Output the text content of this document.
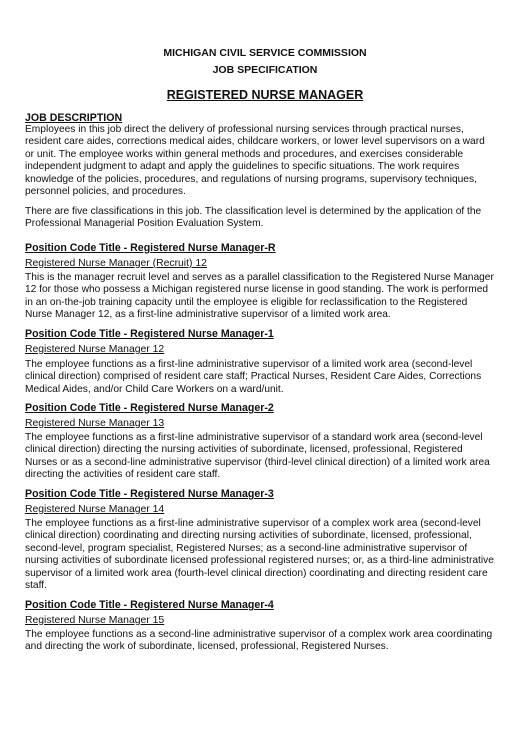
MICHIGAN CIVIL SERVICE COMMISSION
JOB SPECIFICATION
REGISTERED NURSE MANAGER
JOB DESCRIPTION
Employees in this job direct the delivery of professional nursing services through practical nurses,
resident care aides, corrections medical aides, childcare workers, or lower level supervisors on a ward
or unit. The employee works within general methods and procedures, and exercises considerable
independent judgment to adapt and apply the guidelines to specific situations. The work requires
knowledge of the policies, procedures, and regulations of nursing programs, supervisory techniques,
personnel policies, and procedures.
There are five classifications in this job. The classification level is determined by the application of the
Professional Managerial Position Evaluation System.
Position Code Title - Registered Nurse Manager-R
Registered Nurse Manager (Recruit) 12
This is the manager recruit level and serves as a parallel classification to the Registered Nurse Manager
12 for those who possess a Michigan registered nurse license in good standing. The work is performed
in an on-the-job training capacity until the employee is eligible for reclassification to the Registered
Nurse Manager 12, as a first-line administrative supervisor of a limited work area.
Position Code Title - Registered Nurse Manager-1
Registered Nurse Manager 12
The employee functions as a first-line administrative supervisor of a limited work area (second-level
clinical direction) comprised of resident care staff; Practical Nurses, Resident Care Aides, Corrections
Medical Aides, and/or Child Care Workers on a ward/unit.
Position Code Title - Registered Nurse Manager-2
Registered Nurse Manager 13
The employee functions as a first-line administrative supervisor of a standard work area (second-level
clinical direction) directing the nursing activities of subordinate, licensed, professional, Registered
Nurses or as a second-line administrative supervisor (third-level clinical direction) of a limited work area
directing the activities of resident care staff.
Position Code Title - Registered Nurse Manager-3
Registered Nurse Manager 14
The employee functions as a first-line administrative supervisor of a complex work area (second-level
clinical direction) coordinating and directing nursing activities of subordinate, licensed, professional,
second-level, program specialist, Registered Nurses; as a second-line administrative supervisor of
nursing activities of subordinate licensed professional registered nurses; or, as a third-line administrative
supervisor of a limited work area (fourth-level clinical direction) coordinating and directing resident care
staff.
Position Code Title - Registered Nurse Manager-4
Registered Nurse Manager 15
The employee functions as a second-line administrative supervisor of a complex work area coordinating
and directing the work of subordinate, licensed, professional, Registered Nurses.
